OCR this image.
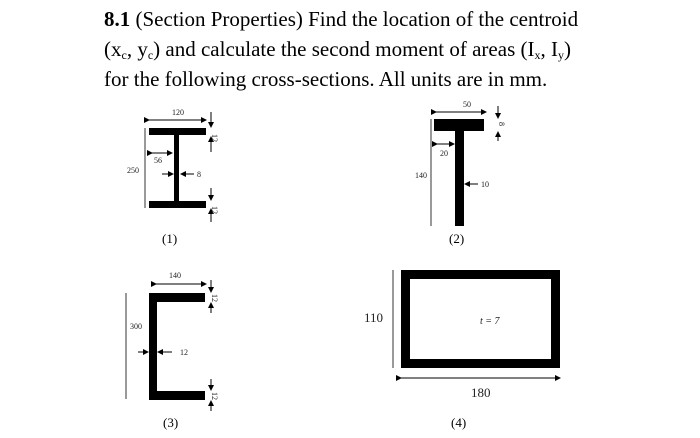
8.1 (Section Properties) Find the location of the centroid
($x_c$, $y_c$) and calculate the second moment of areas ($I_x$, $I_y$)
for the following cross-sections. All units are in mm.
120
250
12
56
8
12
(1)
50
8
140
20
10
(2)
140
300
12
12
12
(3)
110
180
t = 7
(4)
